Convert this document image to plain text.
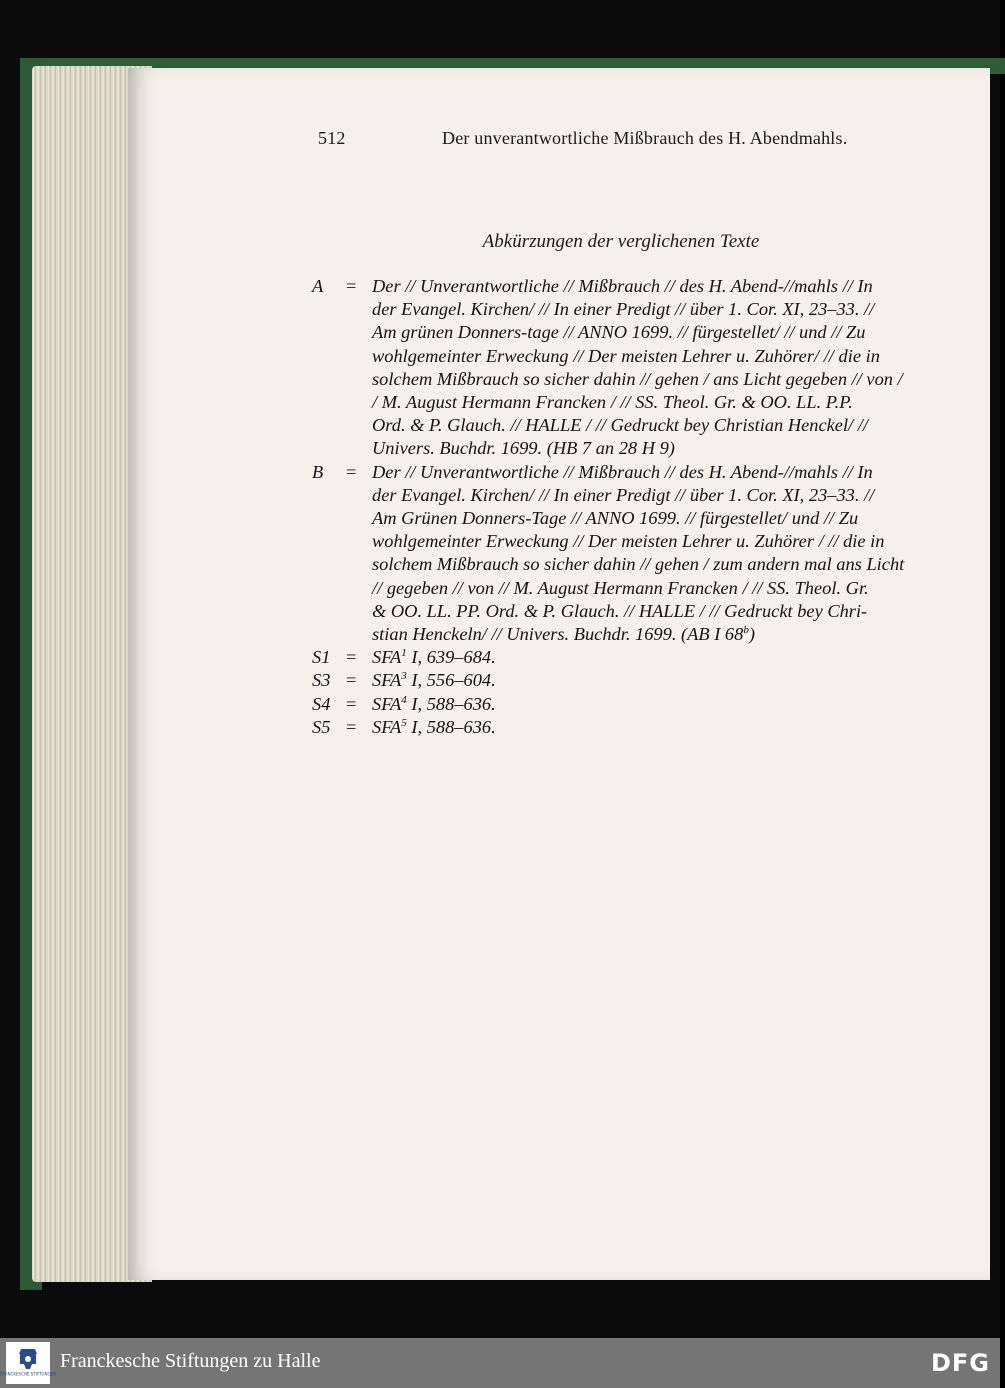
512	Der unverantwortliche Mißbrauch des H. Abendmahls.
Abkürzungen der verglichenen Texte
A	= Der // Unverantwortliche // Mißbrauch // des H. Abend-//mahls // In
der Evangel. Kirchen/ // In einer Predigt // über 1. Cor. XI, 23–33. //
Am grünen Donners-tage // ANNO 1699. // fürgestellet/ // und // Zu
wohlgemeinter Erweckung // Der meisten Lehrer u. Zuhörer/ // die in
solchem Mißbrauch so sicher dahin // gehen / ans Licht gegeben // von /
/ M. August Hermann Francken / // SS. Theol. Gr. & OO. LL. P.P.
Ord. & P. Glauch. // HALLE / // Gedruckt bey Christian Henckel/ //
Univers. Buchdr. 1699. (HB 7 an 28 H 9)
B	= Der // Unverantwortliche // Mißbrauch // des H. Abend-//mahls // In
der Evangel. Kirchen/ // In einer Predigt // über 1. Cor. XI, 23–33. //
Am Grünen Donners-Tage // ANNO 1699. // fürgestellet/ und // Zu
wohlgemeinter Erweckung // Der meisten Lehrer u. Zuhörer / // die in
solchem Mißbrauch so sicher dahin // gehen / zum andern mal ans Licht
// gegeben // von // M. August Hermann Francken / // SS. Theol. Gr.
& OO. LL. PP. Ord. & P. Glauch. // HALLE / // Gedruckt bey Chri-
stian Henckeln/ // Univers. Buchdr. 1699. (AB I 68$^b$)
$S1 = SFA^1$ I, 639–684.
$S3 = SFA^3$ I, 556–604.
$S4 = SFA^4$ I, 588–636.
$S5 = SFA^5$ I, 588–636.
FRANCKESCHE STIFTUNGEN
Franckesche Stiftungen zu Halle	DFG
